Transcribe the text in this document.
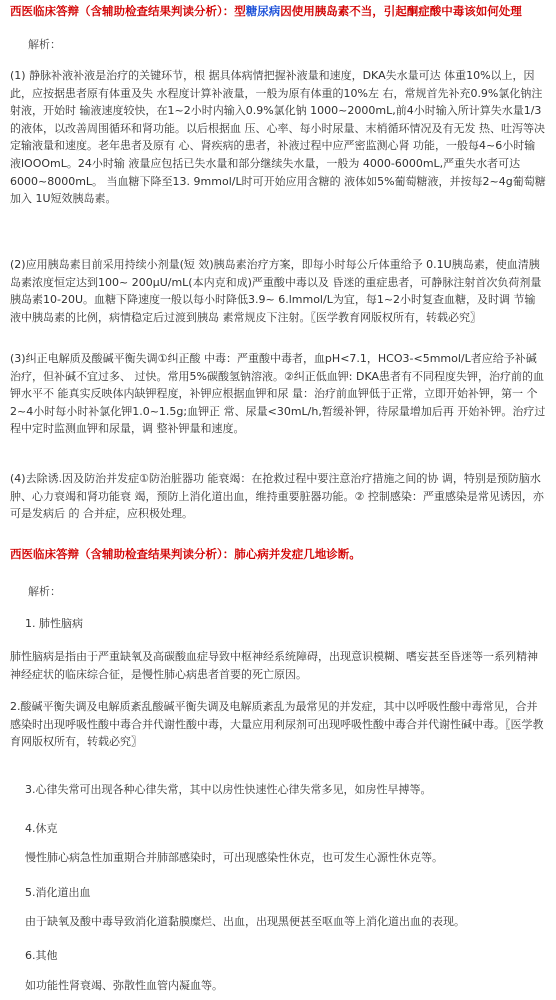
西医临床答辩（含辅助检查结果判读分析）：型糖尿病因使用胰岛素不当，引起酮症酸中毒该如何处理

解析：

(1) 静脉补液补液是治疗的关键环节，根 据具体病情把握补液量和速度，DKA失水量可达 体重10%以上，因此，应按据患者原有体重及失 水程度计算补液量，一般为原有体重的10%左 右，常规首先补充0.9%氯化钠注射液，开始时 输液速度较快，在1~2小时内输入0.9%氯化钠 1000~2000mL,前4小时输入所计算失水量1/3 的液体，以改善周围循环和肾功能。以后根据血 压、心率、每小时尿量、末梢循环情况及有无发 热、吐泻等决定输液量和速度。老年患者及原有 心、肾疾病的患者，补液过程中应严密监测心肾 功能，一般每4~6小时输液lOOOmL。24小时输 液量应包括已失水量和部分继续失水量，一般为 4000-6000mL,严重失水者可达6000~8000mL。 当血糖下降至13. 9mmol/L时可开始应用含糖的 液体如5%葡萄糖液，并按每2~4g葡萄糖加入 1U短效胰岛素。

(2)应用胰岛素目前采用持续小剂量(短 效)胰岛素治疗方案，即每小时每公斤体重给予 0.1U胰岛素，使血清胰岛素浓度恒定达到100~ 200μU/mL(本内克和成)严重酸中毒以及 昏迷的重症患者，可静脉注射首次负荷剂量胰岛素10-20U。血糖下降速度一般以每小时降低3.9~ 6.lmmol/L为宜，每1~2小时复查血糖，及时调 节输液中胰岛素的比例，病情稳定后过渡到胰岛 素常规皮下注射。〖医学教育网版权所有，转载必究〗

(3)纠正电解质及酸碱平衡失调①纠正酸 中毒：严重酸中毒者，血pH<7.1，HCO3-<5mmol/L者应给予补碱治疗，但补碱不宜过多、 过快。常用5%碳酸氢钠溶液。②纠正低血钾: DKA患者有不同程度失钾，治疗前的血钾水平不 能真实反映体内缺钾程度，补钾应根据血钾和尿 量：治疗前血钾低于正常，立即开始补钾，第一 个2~4小时每小时补氯化钾1.0~1.5g;血钾正 常、尿量<30mL/h,暂缓补钾，待尿量增加后再 开始补钾。治疗过程中定时监测血钾和尿量，调 整补钾量和速度。

(4)去除诱.因及防治并发症①防治脏器功 能衰竭：在抢救过程中要注意治疗措施之间的协 调，特别是预防脑水肿、心力衰竭和肾功能衰 竭，预防上消化道出血，维持重要脏器功能。② 控制感染：严重感染是常见诱因，亦可是发病后 的 合并症，应积极处理。

西医临床答辩（含辅助检查结果判读分析）：肺心病并发症几地诊断。

解析：

1. 肺性脑病

肺性脑病是指由于严重缺氧及高碳酸血症导致中枢神经系统障碍，出现意识模糊、嗜妄甚至昏迷等一系列精神神经症状的临床综合征，是慢性肺心病患者首要的死亡原因。

2.酸碱平衡失调及电解质紊乱酸碱平衡失调及电解质紊乱为最常见的并发症，其中以呼吸性酸中毒常见，合并感染时出现呼吸性酸中毒合并代谢性酸中毒，大量应用利尿剂可出现呼吸性酸中毒合并代谢性碱中毒。〖医学教育网版权所有，转载必究〗

3.心律失常可出现各种心律失常，其中以房性快速性心律失常多见，如房性早搏等。

4.休克

慢性肺心病急性加重期合并肺部感染时，可出现感染性休克，也可发生心源性休克等。

5.消化道出血

由于缺氧及酸中毒导致消化道黏膜糜烂、出血，出现黑便甚至呕血等上消化道出血的表现。

6.其他

如功能性肾衰竭、弥散性血管内凝血等。
